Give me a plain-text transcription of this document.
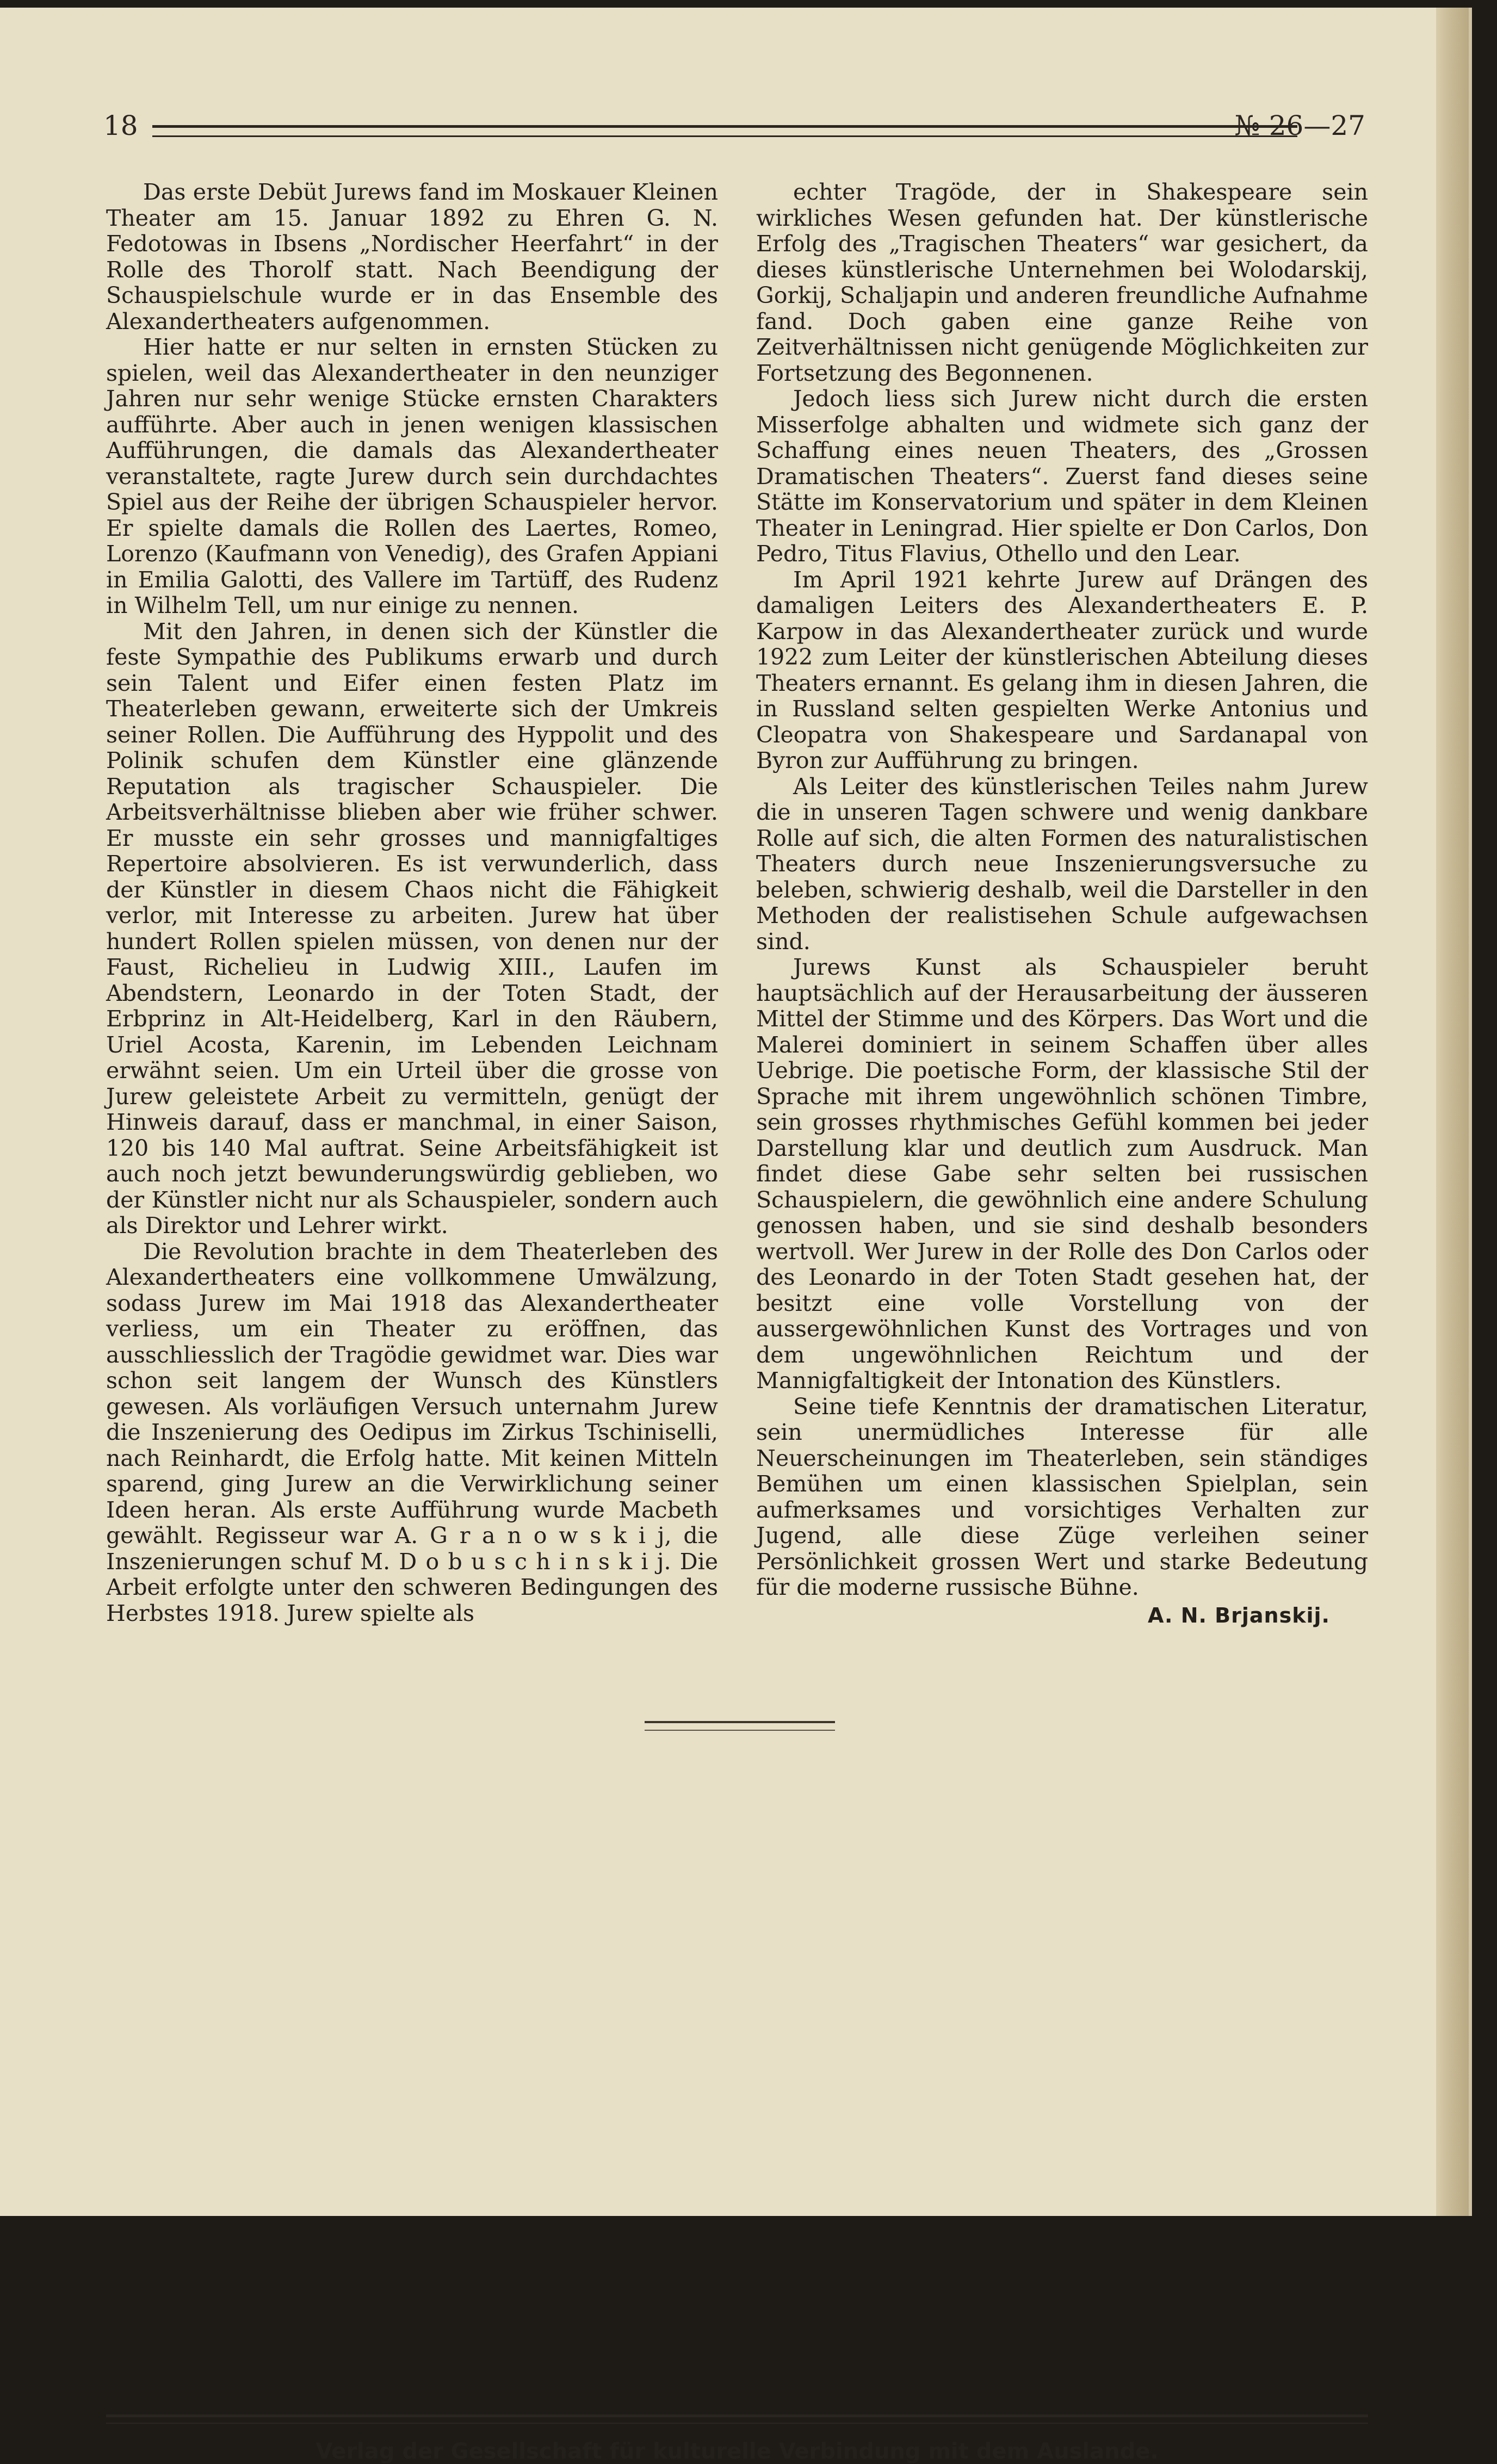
18	№ 26—27

Das erste Debüt Jurews fand im Moskauer Kleinen Theater am 15. Januar 1892 zu Ehren G. N. Fedotowas in Ibsens „Nordischer Heerfahrt“ in der Rolle des Thorolf statt. Nach Beendigung der Schauspielschule wurde er in das Ensemble des Alexandertheaters aufgenommen.

Hier hatte er nur selten in ernsten Stücken zu spielen, weil das Alexandertheater in den neunziger Jahren nur sehr wenige Stücke ernsten Charakters aufführte. Aber auch in jenen wenigen klassischen Aufführungen, die damals das Alexandertheater veranstaltete, ragte Jurew durch sein durchdachtes Spiel aus der Reihe der übrigen Schauspieler hervor. Er spielte damals die Rollen des Laertes, Romeo, Lorenzo (Kaufmann von Venedig), des Grafen Appiani in Emilia Galotti, des Vallere im Tartüff, des Rudenz in Wilhelm Tell, um nur einige zu nennen.

Mit den Jahren, in denen sich der Künstler die feste Sympathie des Publikums erwarb und durch sein Talent und Eifer einen festen Platz im Theaterleben gewann, erweiterte sich der Umkreis seiner Rollen. Die Aufführung des Hyppolit und des Polinik schufen dem Künstler eine glänzende Reputation als tragischer Schauspieler. Die Arbeitsverhältnisse blieben aber wie früher schwer. Er musste ein sehr grosses und mannigfaltiges Repertoire absolvieren. Es ist verwunderlich, dass der Künstler in diesem Chaos nicht die Fähigkeit verlor, mit Interesse zu arbeiten. Jurew hat über hundert Rollen spielen müssen, von denen nur der Faust, Richelieu in Ludwig XIII., Laufen im Abendstern, Leonardo in der Toten Stadt, der Erbprinz in Alt-Heidelberg, Karl in den Räubern, Uriel Acosta, Karenin, im Lebenden Leichnam erwähnt seien. Um ein Urteil über die grosse von Jurew geleistete Arbeit zu vermitteln, genügt der Hinweis darauf, dass er manchmal, in einer Saison, 120 bis 140 Mal auftrat. Seine Arbeitsfähigkeit ist auch noch jetzt bewunderungswürdig geblieben, wo der Künstler nicht nur als Schauspieler, sondern auch als Direktor und Lehrer wirkt.

Die Revolution brachte in dem Theaterleben des Alexandertheaters eine vollkommene Umwälzung, sodass Jurew im Mai 1918 das Alexandertheater verliess, um ein Theater zu eröffnen, das ausschliesslich der Tragödie gewidmet war. Dies war schon seit langem der Wunsch des Künstlers gewesen. Als vorläufigen Versuch unternahm Jurew die Inszenierung des Oedipus im Zirkus Tschiniselli, nach Reinhardt, die Erfolg hatte. Mit keinen Mitteln sparend, ging Jurew an die Verwirklichung seiner Ideen heran. Als erste Aufführung wurde Macbeth gewählt. Regisseur war A. G r a n o w s k i j, die Inszenierungen schuf M. D o b u s c h i n s k i j. Die Arbeit erfolgte unter den schweren Bedingungen des Herbstes 1918. Jurew spielte als

echter Tragöde, der in Shakespeare sein wirkliches Wesen gefunden hat. Der künstlerische Erfolg des „Tragischen Theaters“ war gesichert, da dieses künstlerische Unternehmen bei Wolodarskij, Gorkij, Schaljapin und anderen freundliche Aufnahme fand. Doch gaben eine ganze Reihe von Zeitverhältnissen nicht genügende Möglichkeiten zur Fortsetzung des Begonnenen.

Jedoch liess sich Jurew nicht durch die ersten Misserfolge abhalten und widmete sich ganz der Schaffung eines neuen Theaters, des „Grossen Dramatischen Theaters“. Zuerst fand dieses seine Stätte im Konservatorium und später in dem Kleinen Theater in Leningrad. Hier spielte er Don Carlos, Don Pedro, Titus Flavius, Othello und den Lear.

Im April 1921 kehrte Jurew auf Drängen des damaligen Leiters des Alexandertheaters E. P. Karpow in das Alexandertheater zurück und wurde 1922 zum Leiter der künstlerischen Abteilung dieses Theaters ernannt. Es gelang ihm in diesen Jahren, die in Russland selten gespielten Werke Antonius und Cleopatra von Shakespeare und Sardanapal von Byron zur Aufführung zu bringen.

Als Leiter des künstlerischen Teiles nahm Jurew die in unseren Tagen schwere und wenig dankbare Rolle auf sich, die alten Formen des naturalistischen Theaters durch neue Inszenierungsversuche zu beleben, schwierig deshalb, weil die Darsteller in den Methoden der realistisehen Schule aufgewachsen sind.

Jurews Kunst als Schauspieler beruht hauptsächlich auf der Herausarbeitung der äusseren Mittel der Stimme und des Körpers. Das Wort und die Malerei dominiert in seinem Schaffen über alles Uebrige. Die poetische Form, der klassische Stil der Sprache mit ihrem ungewöhnlich schönen Timbre, sein grosses rhythmisches Gefühl kommen bei jeder Darstellung klar und deutlich zum Ausdruck. Man findet diese Gabe sehr selten bei russischen Schauspielern, die gewöhnlich eine andere Schulung genossen haben, und sie sind deshalb besonders wertvoll. Wer Jurew in der Rolle des Don Carlos oder des Leonardo in der Toten Stadt gesehen hat, der besitzt eine volle Vorstellung von der aussergewöhnlichen Kunst des Vortrages und von dem ungewöhnlichen Reichtum und der Mannigfaltigkeit der Intonation des Künstlers.

Seine tiefe Kenntnis der dramatischen Literatur, sein unermüdliches Interesse für alle Neuerscheinungen im Theaterleben, sein ständiges Bemühen um einen klassischen Spielplan, sein aufmerksames und vorsichtiges Verhalten zur Jugend, alle diese Züge verleihen seiner Persönlichkeit grossen Wert und starke Bedeutung für die moderne russische Bühne.

A. N. Brjanskij.
Verlag der Gesellschaft für kulturelle Verbindung mit dem Auslande.
